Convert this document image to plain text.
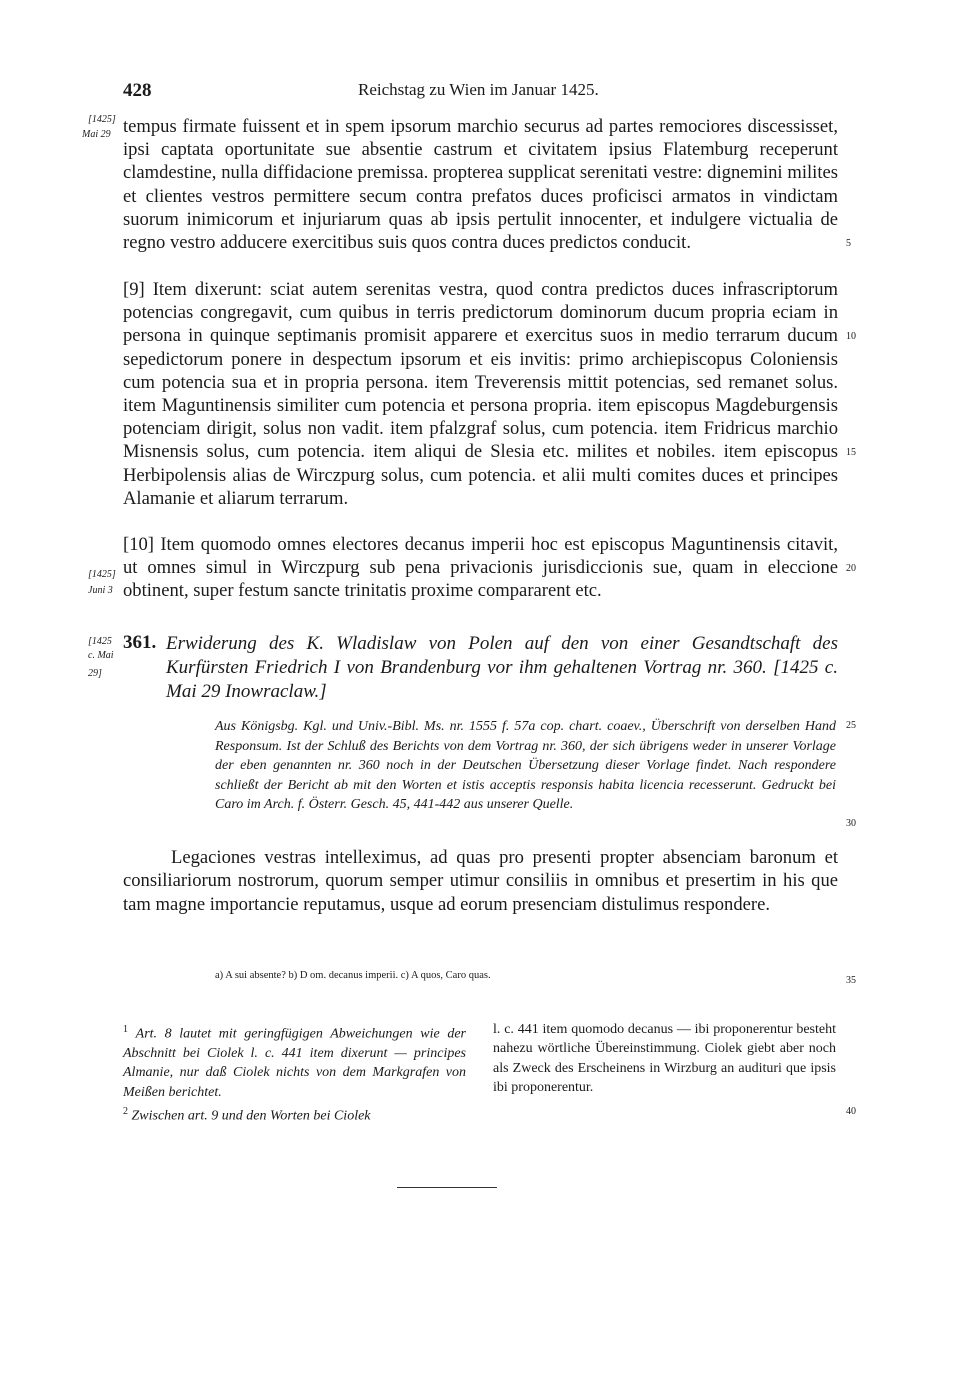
428	Reichstag zu Wien im Januar 1425.
[1425]
Mai 29
[1425]
Juni 3
[1425
c. Mai
29]
5
10
15
20
25
30
35
40

tempus firmate fuissent et in spem ipsorum marchio securus ad partes remociores discessisset, ipsi captata oportunitate sue absentie castrum et civitatem ipsius Flatemburg receperunt clamdestine, nulla diffidacione premissa. propterea supplicat serenitati vestre: dignemini milites et clientes vestros permittere secum contra prefatos duces proficisci armatos in vindictam suorum inimicorum et injuriarum quas ab ipsis pertulit innocenter, et indulgere victualia de regno vestro adducere exercitibus suis quos contra duces predictos conducit.

[9] Item dixerunt: sciat autem serenitas vestra, quod contra predictos duces infrascriptorum potencias congregavit, cum quibus in terris predictorum dominorum ducum propria eciam in persona in quinque septimanis promisit apparere et exercitus suos in medio terrarum ducum sepedictorum ponere in despectum ipsorum et eis invitis: primo archiepiscopus Coloniensis cum potencia sua et in propria persona. item Treverensis mittit potencias, sed remanet solus. item Maguntinensis similiter cum potencia et persona propria. item episcopus Magdeburgensis potenciam dirigit, solus non vadit. item pfalzgraf solus, cum potencia. item Fridricus marchio Misnensis solus, cum potencia. item aliqui de Slesia etc. milites et nobiles. item episcopus Herbipolensis alias de Wirczpurg solus, cum potencia. et alii multi comites duces et principes Alamanie et aliarum terrarum.

[10] Item quomodo omnes electores decanus imperii hoc est episcopus Maguntinensis citavit, ut omnes simul in Wirczpurg sub pena privacionis jurisdiccionis sue, quam in eleccione obtinent, super festum sancte trinitatis proxime compararent etc.

361. Erwiderung des K. Wladislaw von Polen auf den von einer Gesandtschaft des Kurfürsten Friedrich I von Brandenburg vor ihm gehaltenen Vortrag nr. 360. [1425 c. Mai 29 Inowraclaw.]

Aus Königsbg. Kgl. und Univ.-Bibl. Ms. nr. 1555 f. 57a cop. chart. coaev., Überschrift von derselben Hand Responsum. Ist der Schluß des Berichts von dem Vortrag nr. 360, der sich übrigens weder in unserer Vorlage der eben genannten nr. 360 noch in der Deutschen Übersetzung dieser Vorlage findet. Nach respondere schließt der Bericht ab mit den Worten et istis acceptis responsis habita licencia recesserunt. Gedruckt bei Caro im Arch. f. Österr. Gesch. 45, 441-442 aus unserer Quelle.

Legaciones vestras intelleximus, ad quas pro presenti propter absenciam baronum et consiliariorum nostrorum, quorum semper utimur consiliis in omnibus et presertim in his que tam magne importancie reputamus, usque ad eorum presenciam distulimus respondere.

a) A sui absente? b) D om. decanus imperii. c) A quos, Caro quas.
$^1$ Art. 8 lautet mit geringfügigen Abweichungen wie der Abschnitt bei Ciolek l. c. 441 item dixerunt — principes Almanie, nur daß Ciolek nichts von dem Markgrafen von Meißen berichtet.
$^2$ Zwischen art. 9 und den Worten bei Ciolek

l. c. 441 item quomodo decanus — ibi proponerentur besteht nahezu wörtliche Übereinstimmung. Ciolek giebt aber noch als Zweck des Erscheinens in Wirzburg an audituri que ipsis ibi proponerentur.
